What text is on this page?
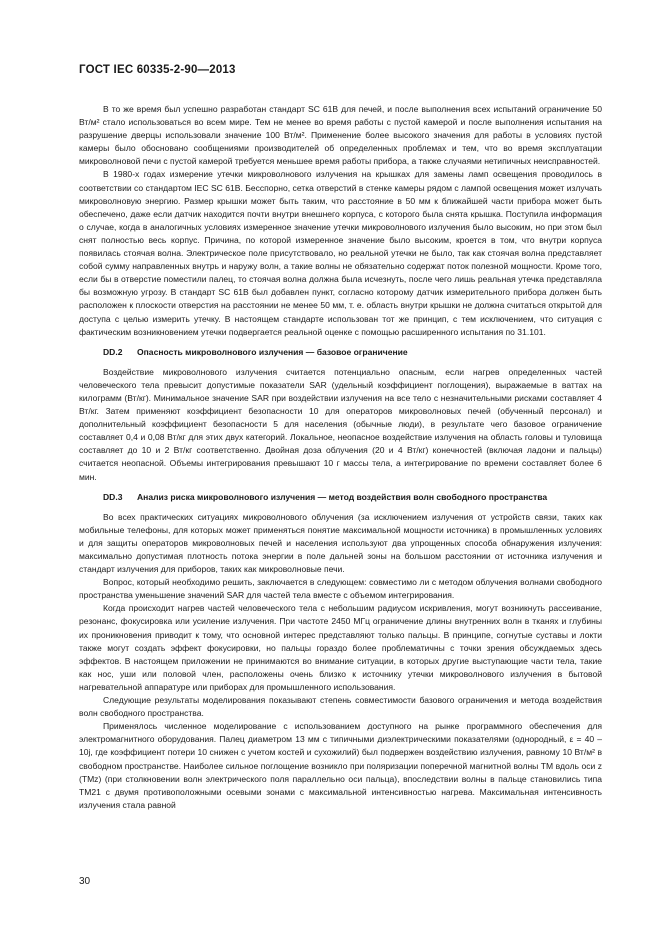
ГОСТ IEC 60335-2-90—2013

В то же время был успешно разработан стандарт SC 61B для печей, и после выполнения всех испытаний ограничение 50 Вт/м² стало использоваться во всем мире. Тем не менее во время работы с пустой камерой и после выполнения испытания на разрушение дверцы использовали значение 100 Вт/м². Применение более высокого значения для работы в условиях пустой камеры было обосновано сообщениями производителей об определенных проблемах и тем, что во время эксплуатации микроволновой печи с пустой камерой требуется меньшее время работы прибора, а также случаями нетипичных неисправностей.

В 1980-х годах измерение утечки микроволнового излучения на крышках для замены ламп освещения проводилось в соответствии со стандартом IEC SC 61B. Бесспорно, сетка отверстий в стенке камеры рядом с лампой освещения может излучать микроволновую энергию. Размер крышки может быть таким, что расстояние в 50 мм к ближайшей части прибора может быть обеспечено, даже если датчик находится почти внутри внешнего корпуса, с которого была снята крышка. Поступила информация о случае, когда в аналогичных условиях измеренное значение утечки микроволнового излучения было высоким, но при этом был снят полностью весь корпус. Причина, по которой измеренное значение было высоким, кроется в том, что внутри корпуса появилась стоячая волна. Электрическое поле присутствовало, но реальной утечки не было, так как стоячая волна представляет собой сумму направленных внутрь и наружу волн, а такие волны не обязательно содержат поток полезной мощности. Кроме того, если бы в отверстие поместили палец, то стоячая волна должна была исчезнуть, после чего лишь реальная утечка представляла бы возможную угрозу. В стандарт SC 61B был добавлен пункт, согласно которому датчик измерительного прибора должен быть расположен к плоскости отверстия на расстоянии не менее 50 мм, т. е. область внутри крышки не должна считаться открытой для доступа с целью измерить утечку. В настоящем стандарте использован тот же принцип, с тем исключением, что ситуация с фактическим возникновением утечки подвергается реальной оценке с помощью расширенного испытания по 31.101.

DD.2 Опасность микроволнового излучения — базовое ограничение

Воздействие микроволнового излучения считается потенциально опасным, если нагрев определенных частей человеческого тела превысит допустимые показатели SAR (удельный коэффициент поглощения), выражаемые в ваттах на килограмм (Вт/кг). Минимальное значение SAR при воздействии излучения на все тело с незначительными рисками составляет 4 Вт/кг. Затем применяют коэффициент безопасности 10 для операторов микроволновых печей (обученный персонал) и дополнительный коэффициент безопасности 5 для населения (обычные люди), в результате чего базовое ограничение составляет 0,4 и 0,08 Вт/кг для этих двух категорий. Локальное, неопасное воздействие излучения на область головы и туловища составляет до 10 и 2 Вт/кг соответственно. Двойная доза облучения (20 и 4 Вт/кг) конечностей (включая ладони и пальцы) считается неопасной. Объемы интегрирования превышают 10 г массы тела, а интегрирование по времени составляет более 6 мин.

DD.3 Анализ риска микроволнового излучения — метод воздействия волн свободного пространства

Во всех практических ситуациях микроволнового облучения (за исключением излучения от устройств связи, таких как мобильные телефоны, для которых может применяться понятие максимальной мощности источника) в промышленных условиях и для защиты операторов микроволновых печей и населения используют два упрощенных способа обнаружения излучения: максимально допустимая плотность потока энергии в поле дальней зоны на большом расстоянии от источника излучения и стандарт излучения для приборов, таких как микроволновые печи.

Вопрос, который необходимо решить, заключается в следующем: совместимо ли с методом облучения волнами свободного пространства уменьшение значений SAR для частей тела вместе с объемом интегрирования.

Когда происходит нагрев частей человеческого тела с небольшим радиусом искривления, могут возникнуть рассеивание, резонанс, фокусировка или усиление излучения. При частоте 2450 МГц ограничение длины внутренних волн в тканях и глубины их проникновения приводит к тому, что основной интерес представляют только пальцы. В принципе, согнутые суставы и локти также могут создать эффект фокусировки, но пальцы гораздо более проблематичны с точки зрения обсуждаемых здесь эффектов. В настоящем приложении не принимаются во внимание ситуации, в которых другие выступающие части тела, такие как нос, уши или половой член, расположены очень близко к источнику утечки микроволнового излучения в бытовой нагревательной аппаратуре или приборах для промышленного использования.

Следующие результаты моделирования показывают степень совместимости базового ограничения и метода воздействия волн свободного пространства.

Применялось численное моделирование с использованием доступного на рынке программного обеспечения для электромагнитного оборудования. Палец диаметром 13 мм с типичными диэлектрическими показателями (однородный, ε = 40 – 10j, где коэффициент потери 10 снижен с учетом костей и сухожилий) был подвержен воздействию излучения, равному 10 Вт/м² в свободном пространстве. Наиболее сильное поглощение возникло при поляризации поперечной магнитной волны TM вдоль оси z (TMz) (при столкновении волн электрического поля параллельно оси пальца), впоследствии волны в пальце становились типа TM21 с двумя противоположными осевыми зонами с максимальной интенсивностью нагрева. Максимальная интенсивность излучения стала равной

30
